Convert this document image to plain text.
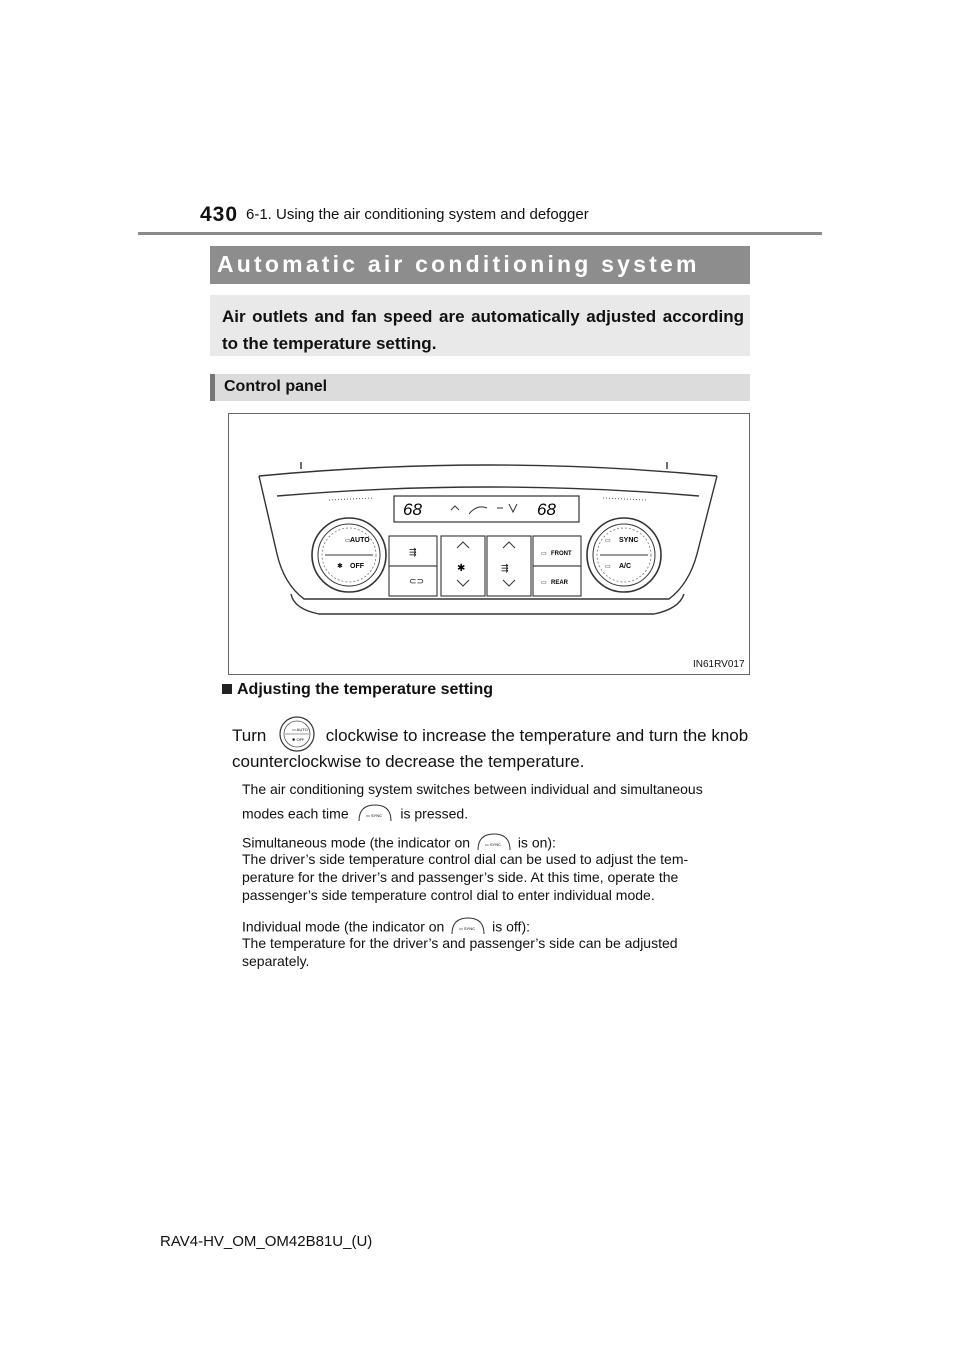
430 6-1. Using the air conditioning system and defogger
Automatic air conditioning system
Air outlets and fan speed are automatically adjusted according to the temperature setting.
Control panel
68	68
▭ AUTO
✱ OFF
▭ SYNC
▭ A/C
✱	⇶
⇶
⊂⊃
▭ FRONT
▭ REAR
IN61RV017
Adjusting the temperature setting
Turn	▭ AUTO
✱ OFF clockwise to increase the temperature and turn the knob
counterclockwise to decrease the temperature.
The air conditioning system switches between individual and simultaneous
modes each time	▭ SYNC is pressed.
Simultaneous mode (the indicator on	▭ SYNC is on):
The driver’s side temperature control dial can be used to adjust the tem-
perature for the driver’s and passenger’s side. At this time, operate the
passenger’s side temperature control dial to enter individual mode.
Individual mode (the indicator on	▭ SYNC is off):
The temperature for the driver’s and passenger’s side can be adjusted
separately.
RAV4-HV_OM_OM42B81U_(U)
